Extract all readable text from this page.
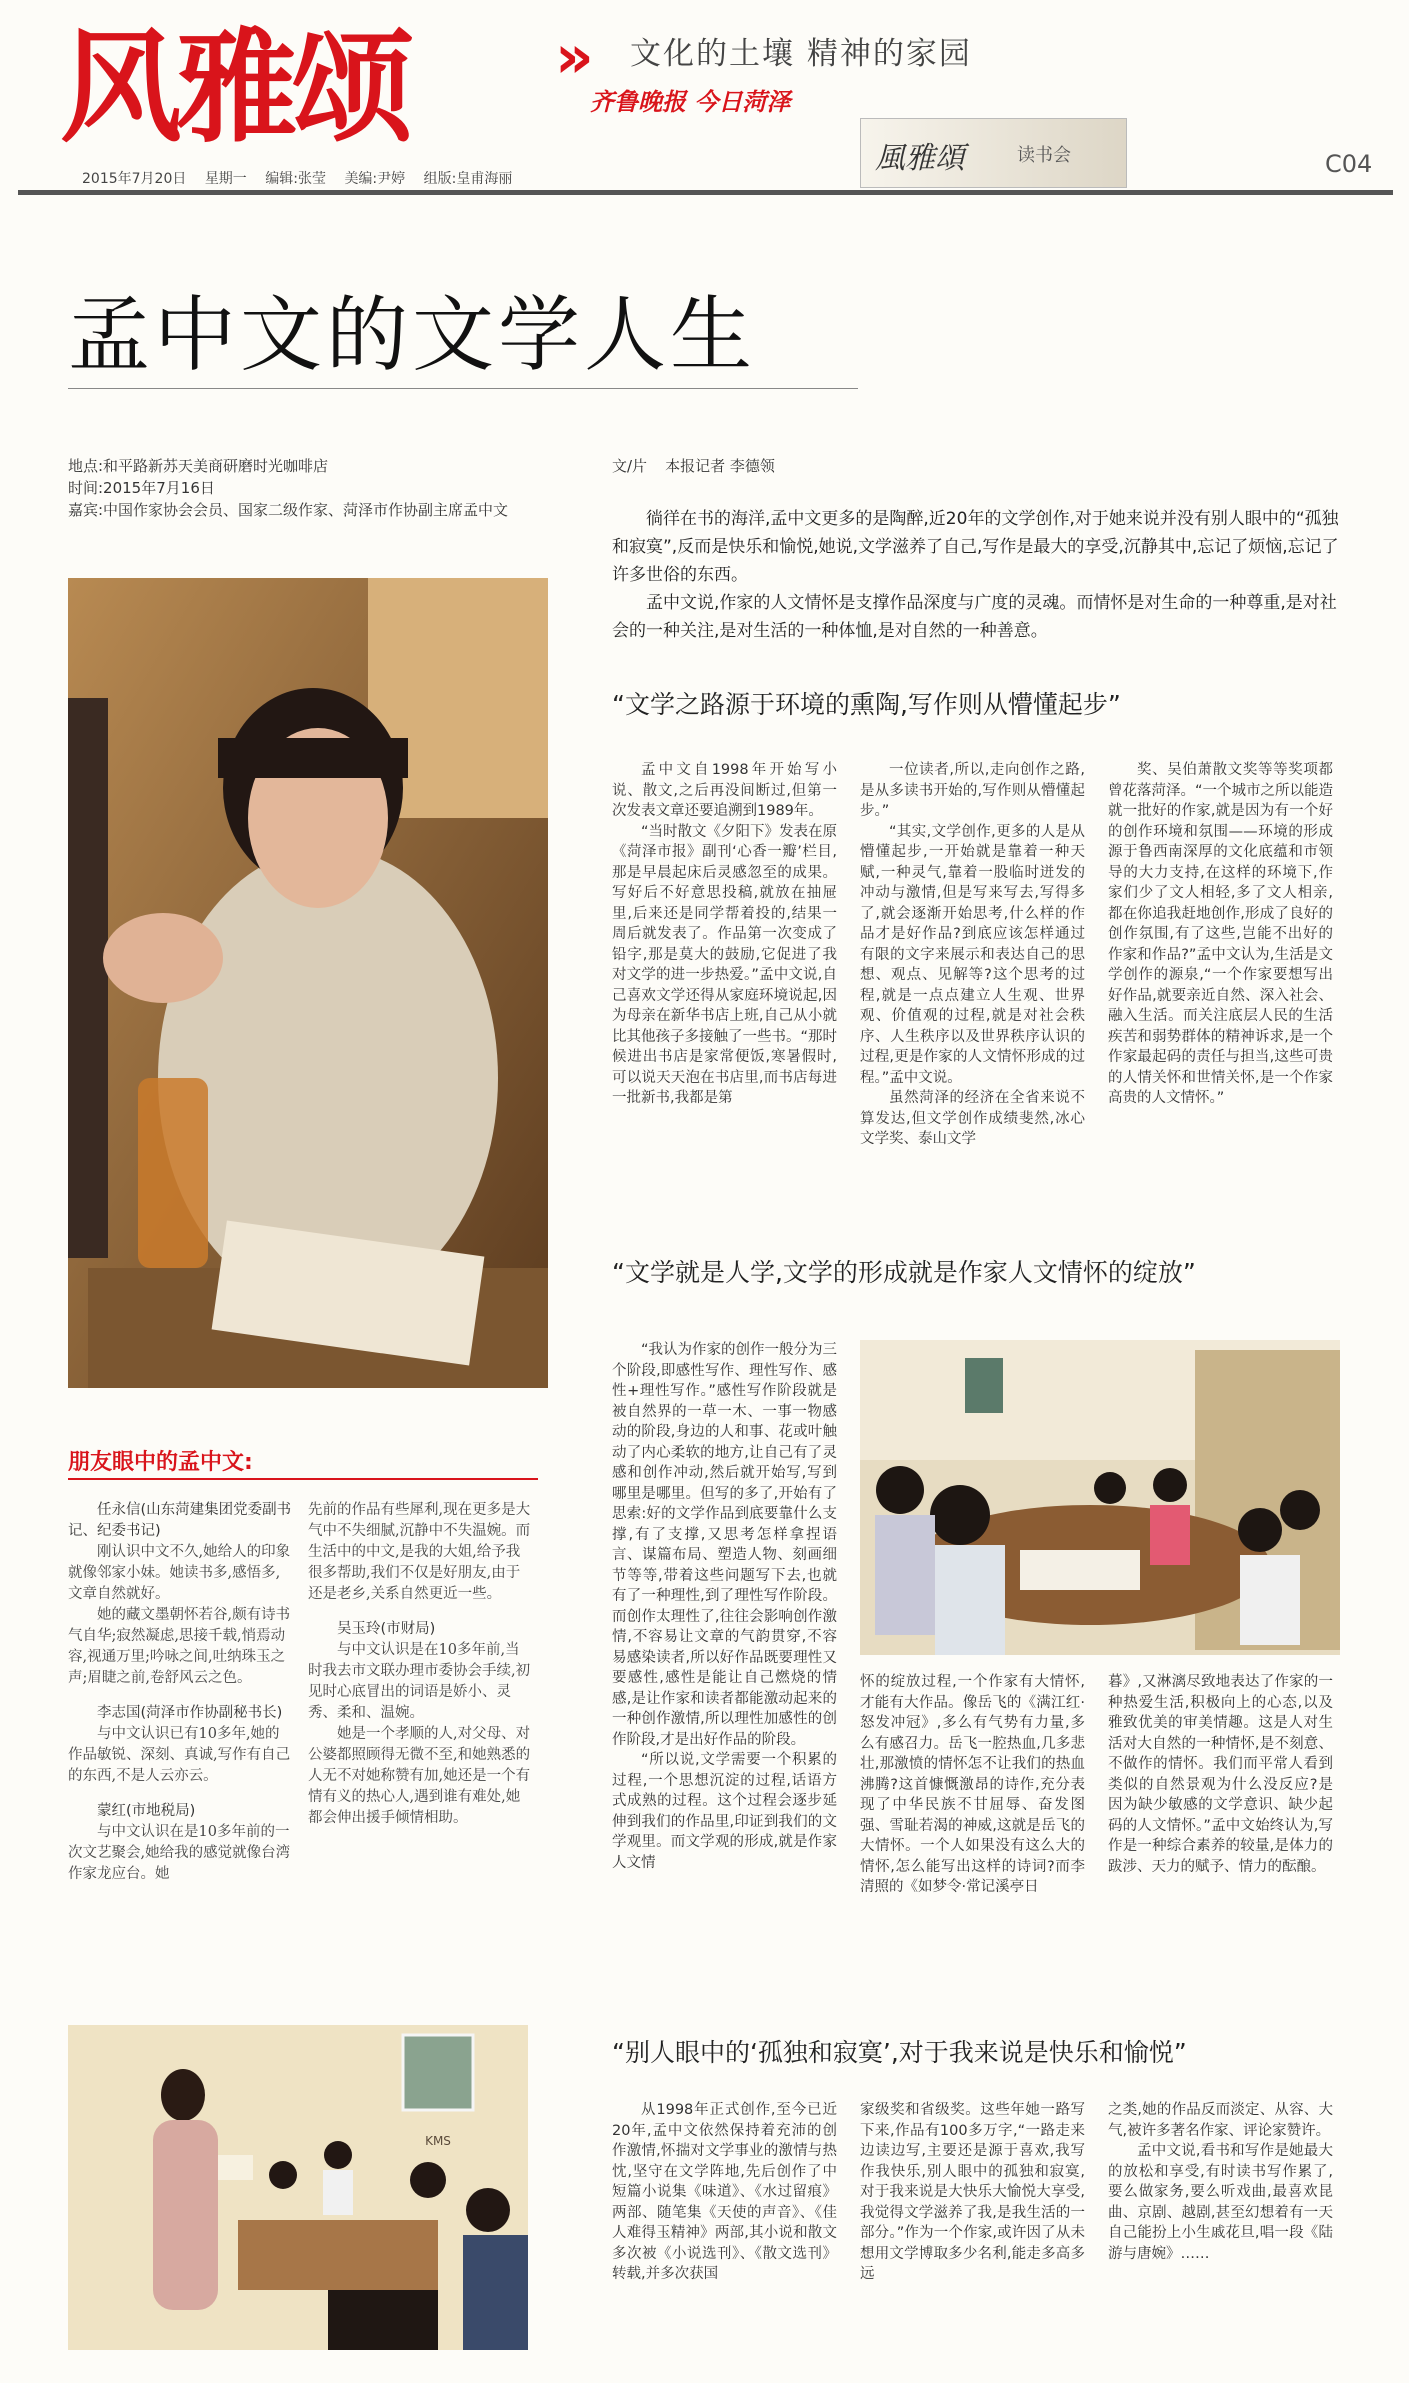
风雅颂 » 文化的土壤 精神的家园
齐鲁晚报 今日菏泽
風雅頌	读书会	C04
2015年7月20日 星期一 编辑:张莹 美编:尹婷 组版:皇甫海丽
孟中文的文学人生
地点:和平路新苏天美商研磨时光咖啡店
时间:2015年7月16日
嘉宾:中国作家协会会员、国家二级作家、菏泽市作协副主席孟中文
文/片 本报记者 李德领

徜徉在书的海洋,孟中文更多的是陶醉,近20年的文学创作,对于她来说并没有别人眼中的“孤独和寂寞”,反而是快乐和愉悦,她说,文学滋养了自己,写作是最大的享受,沉静其中,忘记了烦恼,忘记了许多世俗的东西。

孟中文说,作家的人文情怀是支撑作品深度与广度的灵魂。而情怀是对生命的一种尊重,是对社会的一种关注,是对生活的一种体恤,是对自然的一种善意。

“文学之路源于环境的熏陶,写作则从懵懂起步”

孟中文自1998年开始写小说、散文,之后再没间断过,但第一次发表文章还要追溯到1989年。

“当时散文《夕阳下》发表在原《菏泽市报》副刊‘心香一瓣’栏目,那是早晨起床后灵感忽至的成果。写好后不好意思投稿,就放在抽屉里,后来还是同学帮着投的,结果一周后就发表了。作品第一次变成了铅字,那是莫大的鼓励,它促进了我对文学的进一步热爱。”孟中文说,自己喜欢文学还得从家庭环境说起,因为母亲在新华书店上班,自己从小就比其他孩子多接触了一些书。“那时候进出书店是家常便饭,寒暑假时,可以说天天泡在书店里,而书店每进一批新书,我都是第

一位读者,所以,走向创作之路,是从多读书开始的,写作则从懵懂起步。”

“其实,文学创作,更多的人是从懵懂起步,一开始就是靠着一种天赋,一种灵气,靠着一股临时迸发的冲动与激情,但是写来写去,写得多了,就会逐渐开始思考,什么样的作品才是好作品?到底应该怎样通过有限的文字来展示和表达自己的思想、观点、见解等?这个思考的过程,就是一点点建立人生观、世界观、价值观的过程,就是对社会秩序、人生秩序以及世界秩序认识的过程,更是作家的人文情怀形成的过程。”孟中文说。

虽然菏泽的经济在全省来说不算发达,但文学创作成绩斐然,冰心文学奖、泰山文学

奖、吴伯萧散文奖等等奖项都曾花落菏泽。“一个城市之所以能造就一批好的作家,就是因为有一个好的创作环境和氛围——环境的形成源于鲁西南深厚的文化底蕴和市领导的大力支持,在这样的环境下,作家们少了文人相轻,多了文人相亲,都在你追我赶地创作,形成了良好的创作氛围,有了这些,岂能不出好的作家和作品?”孟中文认为,生活是文学创作的源泉,“一个作家要想写出好作品,就要亲近自然、深入社会、融入生活。而关注底层人民的生活疾苦和弱势群体的精神诉求,是一个作家最起码的责任与担当,这些可贵的人情关怀和世情关怀,是一个作家高贵的人文情怀。”

“文学就是人学,文学的形成就是作家人文情怀的绽放”

“我认为作家的创作一般分为三个阶段,即感性写作、理性写作、感性+理性写作。”感性写作阶段就是被自然界的一草一木、一事一物感动的阶段,身边的人和事、花或叶触动了内心柔软的地方,让自己有了灵感和创作冲动,然后就开始写,写到哪里是哪里。但写的多了,开始有了思索:好的文学作品到底要靠什么支撑,有了支撑,又思考怎样拿捏语言、谋篇布局、塑造人物、刻画细节等等,带着这些问题写下去,也就有了一种理性,到了理性写作阶段。而创作太理性了,往往会影响创作激情,不容易让文章的气韵贯穿,不容易感染读者,所以好作品既要理性又要感性,感性是能让自己燃烧的情感,是让作家和读者都能激动起来的一种创作激情,所以理性加感性的创作阶段,才是出好作品的阶段。

“所以说,文学需要一个积累的过程,一个思想沉淀的过程,话语方式成熟的过程。这个过程会逐步延伸到我们的作品里,印证到我们的文学观里。而文学观的形成,就是作家人文情

怀的绽放过程,一个作家有大情怀,才能有大作品。像岳飞的《满江红·怒发冲冠》,多么有气势有力量,多么有感召力。岳飞一腔热血,几多悲壮,那激愤的情怀怎不让我们的热血沸腾?这首慷慨激昂的诗作,充分表现了中华民族不甘屈辱、奋发图强、雪耻若渴的神威,这就是岳飞的大情怀。一个人如果没有这么大的情怀,怎么能写出这样的诗词?而李清照的《如梦令·常记溪亭日

暮》,又淋漓尽致地表达了作家的一种热爱生活,积极向上的心态,以及雅致优美的审美情趣。这是人对生活对大自然的一种情怀,是不刻意、不做作的情怀。我们而平常人看到类似的自然景观为什么没反应?是因为缺少敏感的文学意识、缺少起码的人文情怀。”孟中文始终认为,写作是一种综合素养的较量,是体力的跋涉、天力的赋予、情力的酝酿。

朋友眼中的孟中文:
任永信(山东菏建集团党委副书记、纪委书记)

刚认识中文不久,她给人的印象就像邻家小妹。她读书多,感悟多,文章自然就好。

她的藏文墨朝怀若谷,颇有诗书气自华;寂然凝虑,思接千载,悄焉动容,视通万里;吟咏之间,吐纳珠玉之声;眉睫之前,卷舒风云之色。

李志国(菏泽市作协副秘书长)

与中文认识已有10多年,她的作品敏锐、深刻、真诚,写作有自己的东西,不是人云亦云。

蒙红(市地税局)

与中文认识在是10多年前的一次文艺聚会,她给我的感觉就像台湾作家龙应台。她

先前的作品有些犀利,现在更多是大气中不失细腻,沉静中不失温婉。而生活中的中文,是我的大姐,给予我很多帮助,我们不仅是好朋友,由于还是老乡,关系自然更近一些。

吴玉玲(市财局)

与中文认识是在10多年前,当时我去市文联办理市委协会手续,初见时心底冒出的词语是娇小、灵秀、柔和、温婉。

她是一个孝顺的人,对父母、对公婆都照顾得无微不至,和她熟悉的人无不对她称赞有加,她还是一个有情有义的热心人,遇到谁有难处,她都会伸出援手倾情相助。

KMS
“别人眼中的‘孤独和寂寞’,对于我来说是快乐和愉悦”

从1998年正式创作,至今已近20年,孟中文依然保持着充沛的创作激情,怀揣对文学事业的激情与热忱,坚守在文学阵地,先后创作了中短篇小说集《味道》、《水过留痕》两部、随笔集《天使的声音》、《佳人难得玉精神》两部,其小说和散文多次被《小说选刊》、《散文选刊》转载,并多次获国

家级奖和省级奖。这些年她一路写下来,作品有100多万字,“一路走来边读边写,主要还是源于喜欢,我写作我快乐,别人眼中的孤独和寂寞,对于我来说是大快乐大愉悦大享受,我觉得文学滋养了我,是我生活的一部分。”作为一个作家,或许因了从未想用文学博取多少名利,能走多高多远

之类,她的作品反而淡定、从容、大气,被许多著名作家、评论家赞许。

孟中文说,看书和写作是她最大的放松和享受,有时读书写作累了,要么做家务,要么听戏曲,最喜欢昆曲、京剧、越剧,甚至幻想着有一天自己能扮上小生戚花旦,唱一段《陆游与唐婉》……
